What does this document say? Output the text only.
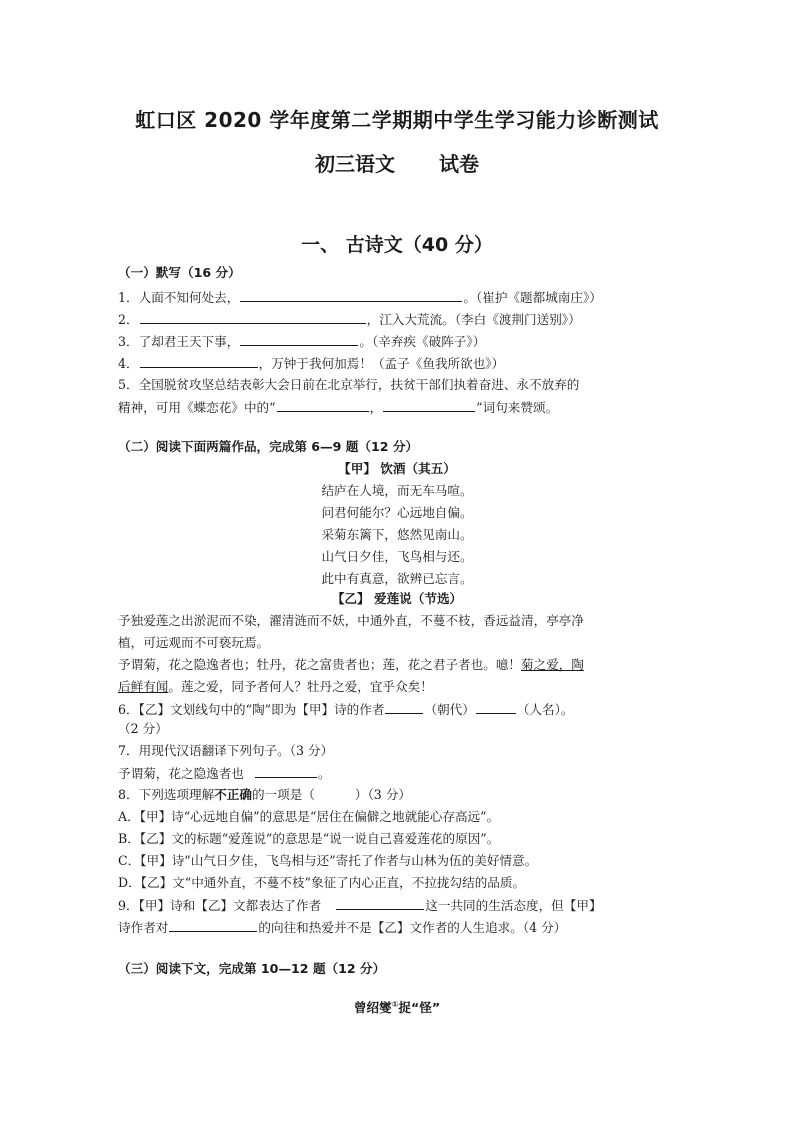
虹口区 2020 学年度第二学期期中学生学习能力诊断测试
初三语文 试卷
一、 古诗文（40 分）
（一）默写（16 分）
1．人面不知何处去，	。（崔护《题都城南庄》）
2．	，江入大荒流。（李白《渡荆门送别》）
3．了却君王天下事，	。（辛弃疾《破阵子》）
4．	，万钟于我何加焉！（孟子《鱼我所欲也》）
5．全国脱贫攻坚总结表彰大会日前在北京举行，扶贫干部们执着奋进、永不放弃的
精神，可用《蝶恋花》中的“	，	”词句来赞颂。
（二）阅读下面两篇作品，完成第 6—9 题（12 分）
【甲】 饮酒（其五）
结庐在人境，而无车马喧。
问君何能尔？心远地自偏。
采菊东篱下，悠然见南山。
山气日夕佳，飞鸟相与还。
此中有真意，欲辨已忘言。
【乙】 爱莲说（节选）
予独爱莲之出淤泥而不染，濯清涟而不妖，中通外直，不蔓不枝，香远益清，亭亭净
植，可远观而不可亵玩焉。
予谓菊，花之隐逸者也；牡丹，花之富贵者也；莲，花之君子者也。噫！菊之爱，陶
后鲜有闻。莲之爱，同予者何人？牡丹之爱，宜乎众矣！
6．【乙】文划线句中的“陶”即为【甲】诗的作者	（朝代）	（人名）。
（2 分）
7．用现代汉语翻译下列句子。（3 分）
予谓菊，花之隐逸者也	。
8．下列选项理解不正确的一项是（	）（3 分）
A．【甲】诗“心远地自偏”的意思是“居住在偏僻之地就能心存高远”。
B．【乙】文的标题“爱莲说”的意思是“说一说自己喜爱莲花的原因”。
C．【甲】诗“山气日夕佳，飞鸟相与还”寄托了作者与山林为伍的美好情意。
D．【乙】文“中通外直，不蔓不枝”象征了内心正直，不拉拢勾结的品质。
9．【甲】诗和【乙】文都表达了作者	这一共同的生活态度，但【甲】
诗作者对	的向往和热爱并不是【乙】文作者的人生追求。（4 分）
（三）阅读下文，完成第 10—12 题（12 分）
曾绍燮①捉“怪”
